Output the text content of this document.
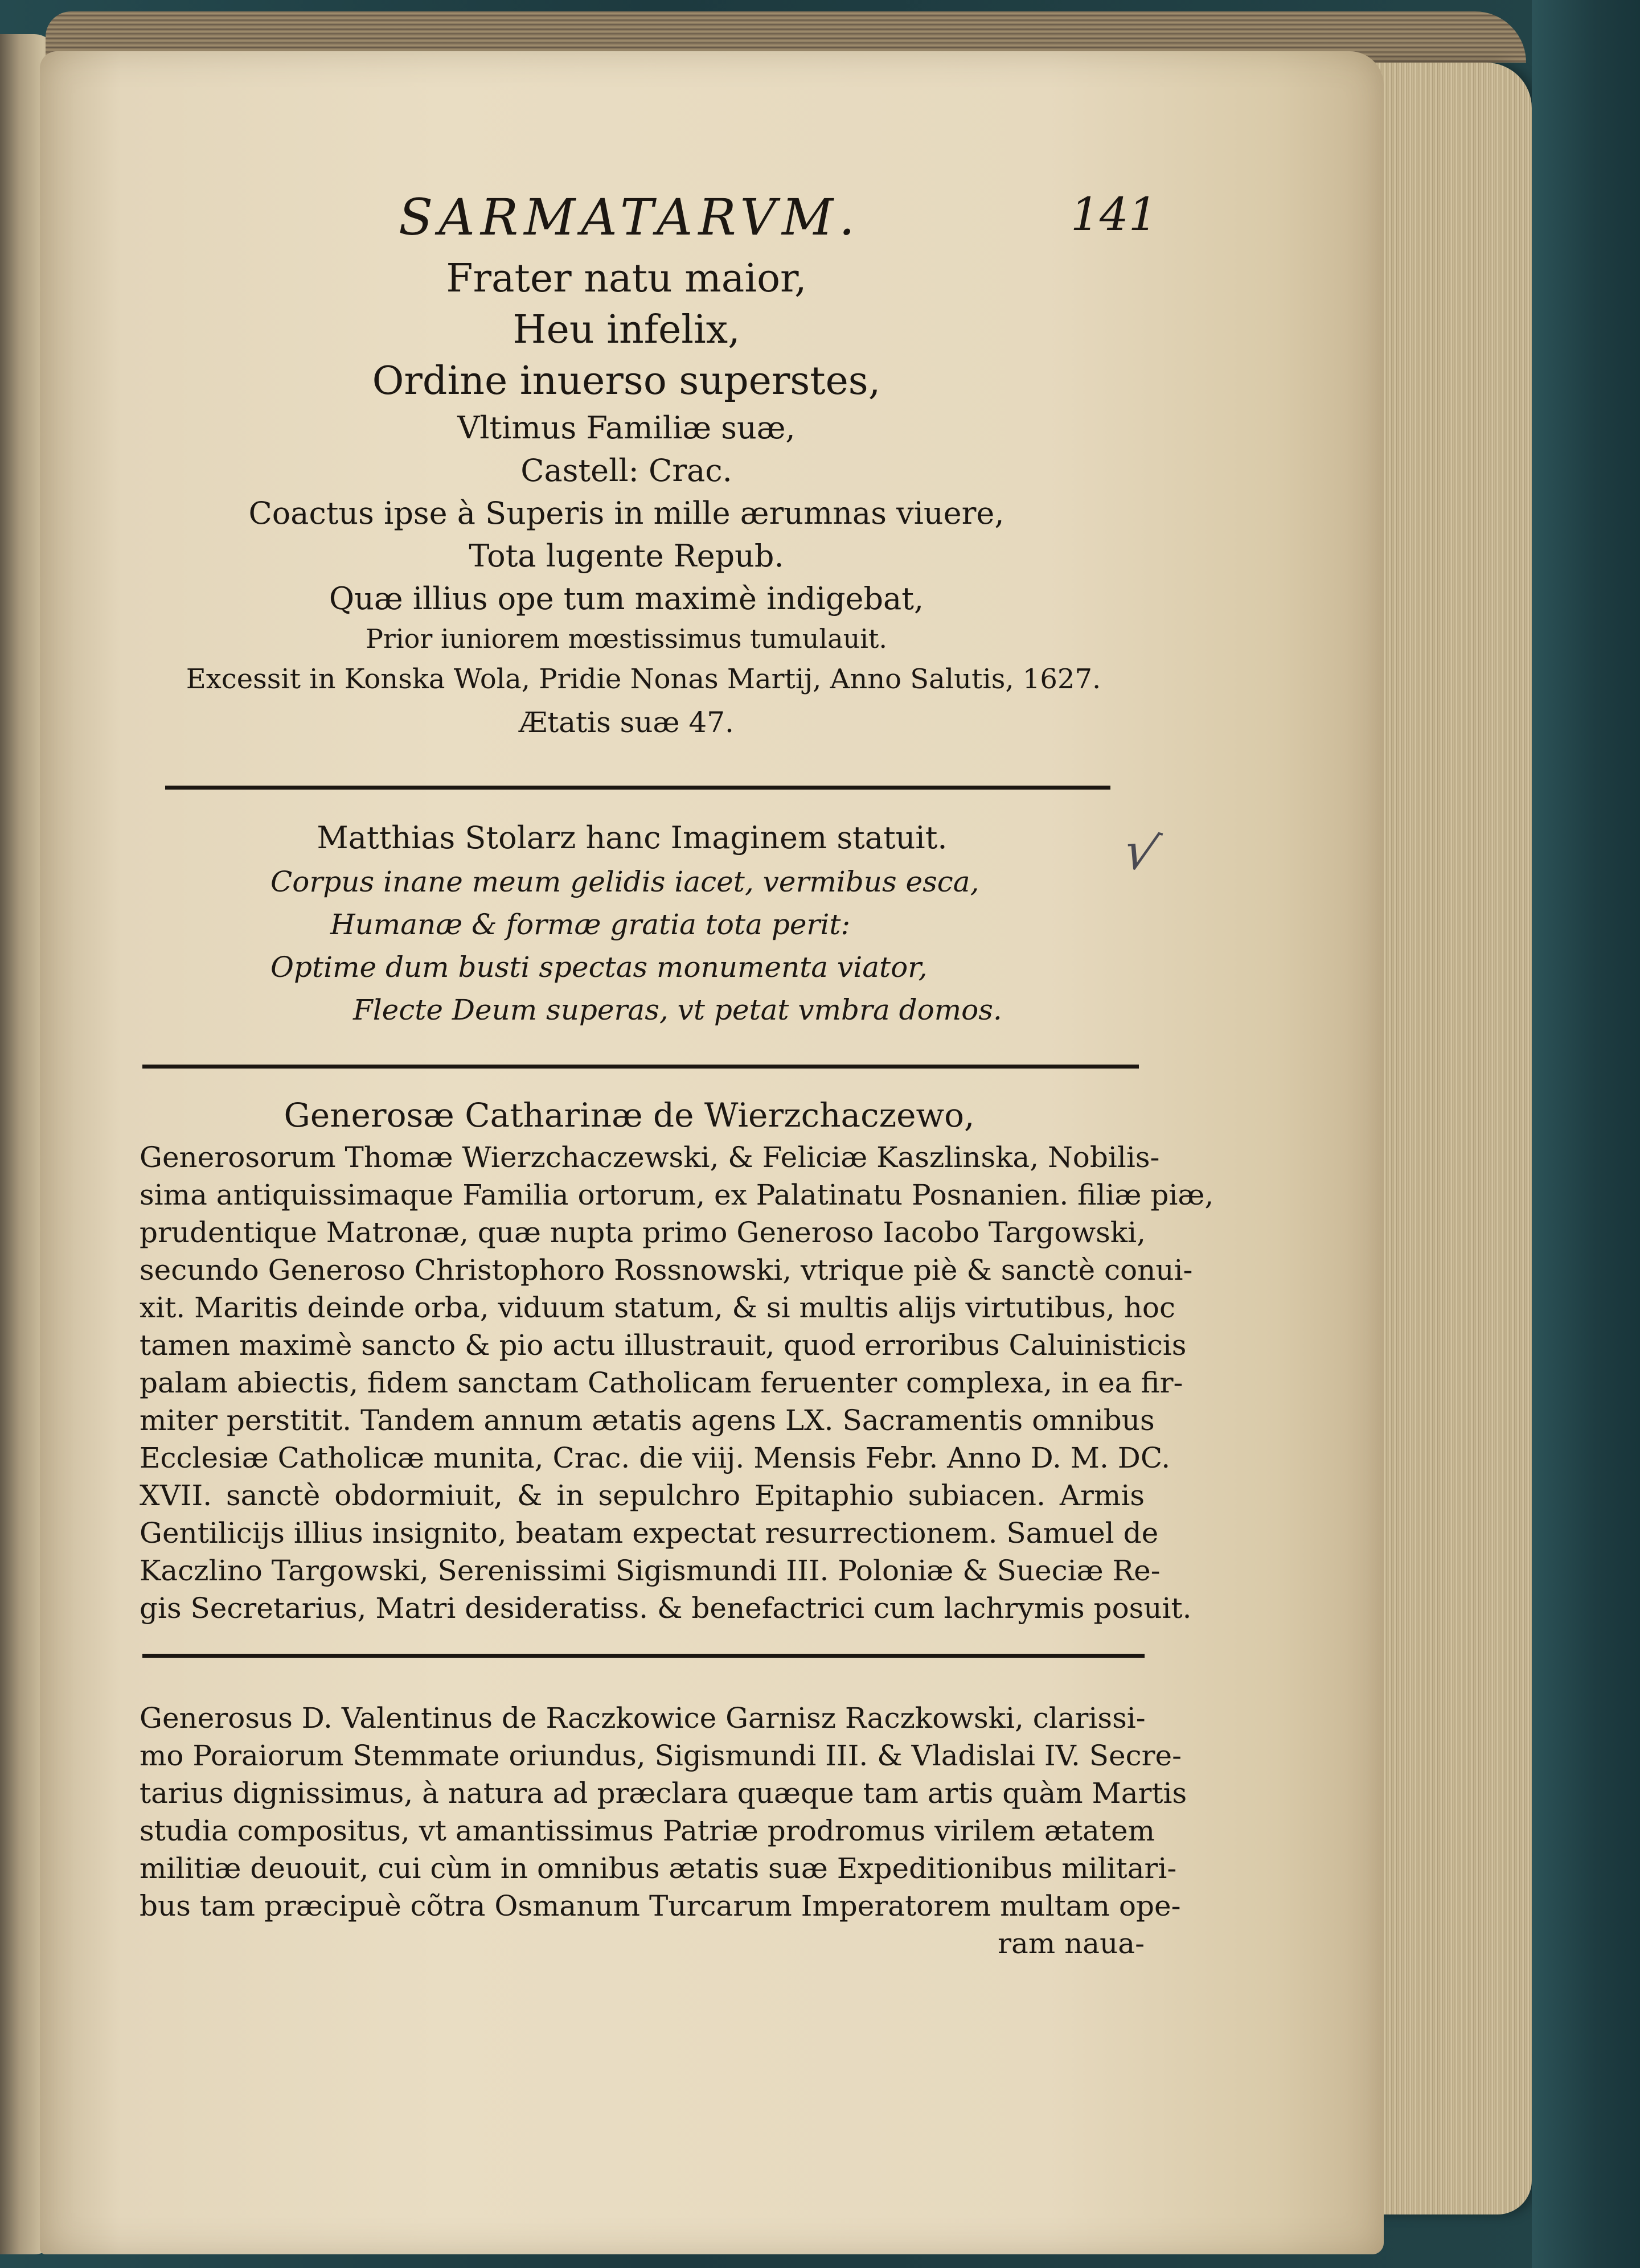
SARMATARVM.	141
Frater natu maior,
Heu infelix,
Ordine inuerso superstes,
Vltimus Familiæ suæ,
Castell: Crac.
Coactus ipse à Superis in mille ærumnas viuere,
Tota lugente Repub.
Quæ illius ope tum maximè indigebat,
Prior iuniorem mœstissimus tumulauit.
Excessit in Konska Wola, Pridie Nonas Martij, Anno Salutis, 1627.
Ætatis suæ 47.
Matthias Stolarz hanc Imaginem statuit.
Corpus inane meum gelidis iacet, vermibus esca,
Humanæ & formæ gratia tota perit:
Optime dum busti spectas monumenta viator,
Flecte Deum superas, vt petat vmbra domos.
√
Generosæ Catharinæ de Wierzchaczewo,
Generosorum Thomæ Wierzchaczewski, & Feliciæ Kaszlinska, Nobilis-
sima antiquissimaque Familia ortorum, ex Palatinatu Posnanien. filiæ piæ,
prudentique Matronæ, quæ nupta primo Generoso Iacobo Targowski,
secundo Generoso Christophoro Rossnowski, vtrique piè & sanctè conui-
xit. Maritis deinde orba, viduum statum, & si multis alijs virtutibus, hoc
tamen maximè sancto & pio actu illustrauit, quod erroribus Caluinisticis
palam abiectis, fidem sanctam Catholicam feruenter complexa, in ea fir-
miter perstitit. Tandem annum ætatis agens LX. Sacramentis omnibus
Ecclesiæ Catholicæ munita, Crac. die viij. Mensis Febr. Anno D. M. DC.
XVII. sanctè obdormiuit, & in sepulchro Epitaphio subiacen. Armis
Gentilicijs illius insignito, beatam expectat resurrectionem. Samuel de
Kaczlino Targowski, Serenissimi Sigismundi III. Poloniæ & Sueciæ Re-
gis Secretarius, Matri desideratiss. & benefactrici cum lachrymis posuit.
Generosus D. Valentinus de Raczkowice Garnisz Raczkowski, clarissi-
mo Poraiorum Stemmate oriundus, Sigismundi III. & Vladislai IV. Secre-
tarius dignissimus, à natura ad præclara quæque tam artis quàm Martis
studia compositus, vt amantissimus Patriæ prodromus virilem ætatem
militiæ deuouit, cui cùm in omnibus ætatis suæ Expeditionibus militari-
bus tam præcipuè cõtra Osmanum Turcarum Imperatorem multam ope-
ram naua-
